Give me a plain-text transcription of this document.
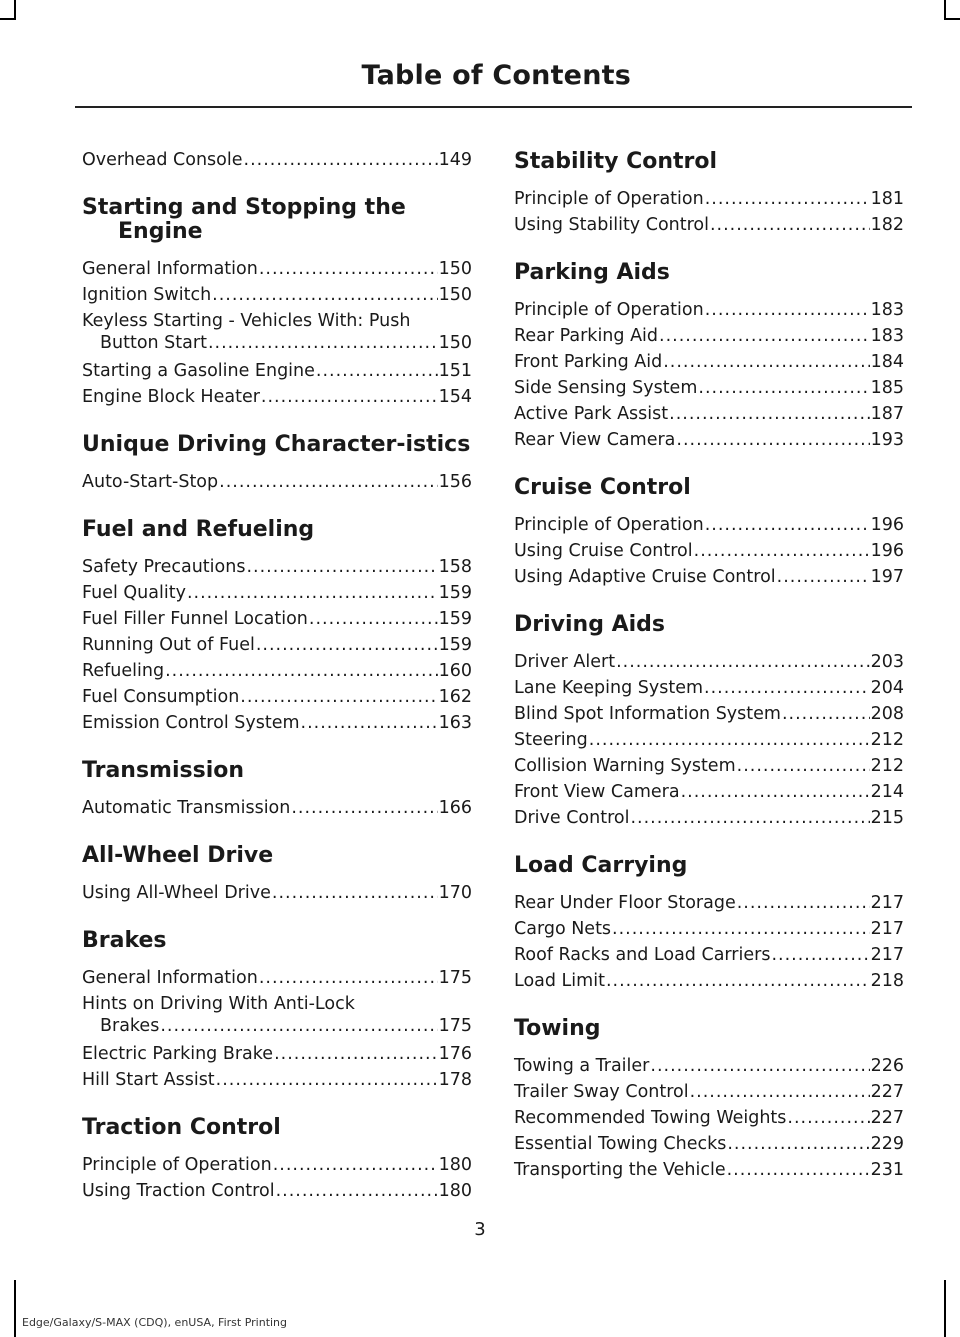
Table of Contents
Overhead Console .....	149
Starting and Stopping the Engine
General Information .....	150
Ignition Switch .....	150
Keyless Starting - Vehicles With: Push
Button Start .....	150
Starting a Gasoline Engine .....	151
Engine Block Heater .....	154
Unique Driving Character-istics
Auto-Start-Stop .....	156
Fuel and Refueling
Safety Precautions .....	158
Fuel Quality .....	159
Fuel Filler Funnel Location .....	159
Running Out of Fuel .....	159
Refueling .....	160
Fuel Consumption .....	162
Emission Control System .....	163
Transmission
Automatic Transmission .....	166
All-Wheel Drive
Using All-Wheel Drive .....	170
Brakes
General Information .....	175
Hints on Driving With Anti-Lock
Brakes .....	175
Electric Parking Brake .....	176
Hill Start Assist .....	178
Traction Control
Principle of Operation .....	180
Using Traction Control .....	180
Stability Control
Principle of Operation .....	181
Using Stability Control .....	182
Parking Aids
Principle of Operation .....	183
Rear Parking Aid .....	183
Front Parking Aid .....	184
Side Sensing System .....	185
Active Park Assist .....	187
Rear View Camera .....	193
Cruise Control
Principle of Operation .....	196
Using Cruise Control .....	196
Using Adaptive Cruise Control .....	197
Driving Aids
Driver Alert .....	203
Lane Keeping System .....	204
Blind Spot Information System .....	208
Steering .....	212
Collision Warning System .....	212
Front View Camera .....	214
Drive Control .....	215
Load Carrying
Rear Under Floor Storage .....	217
Cargo Nets .....	217
Roof Racks and Load Carriers .....	217
Load Limit .....	218
Towing
Towing a Trailer .....	226
Trailer Sway Control .....	227
Recommended Towing Weights .....	227
Essential Towing Checks .....	229
Transporting the Vehicle .....	231
3
Edge/Galaxy/S-MAX (CDQ), enUSA, First Printing
